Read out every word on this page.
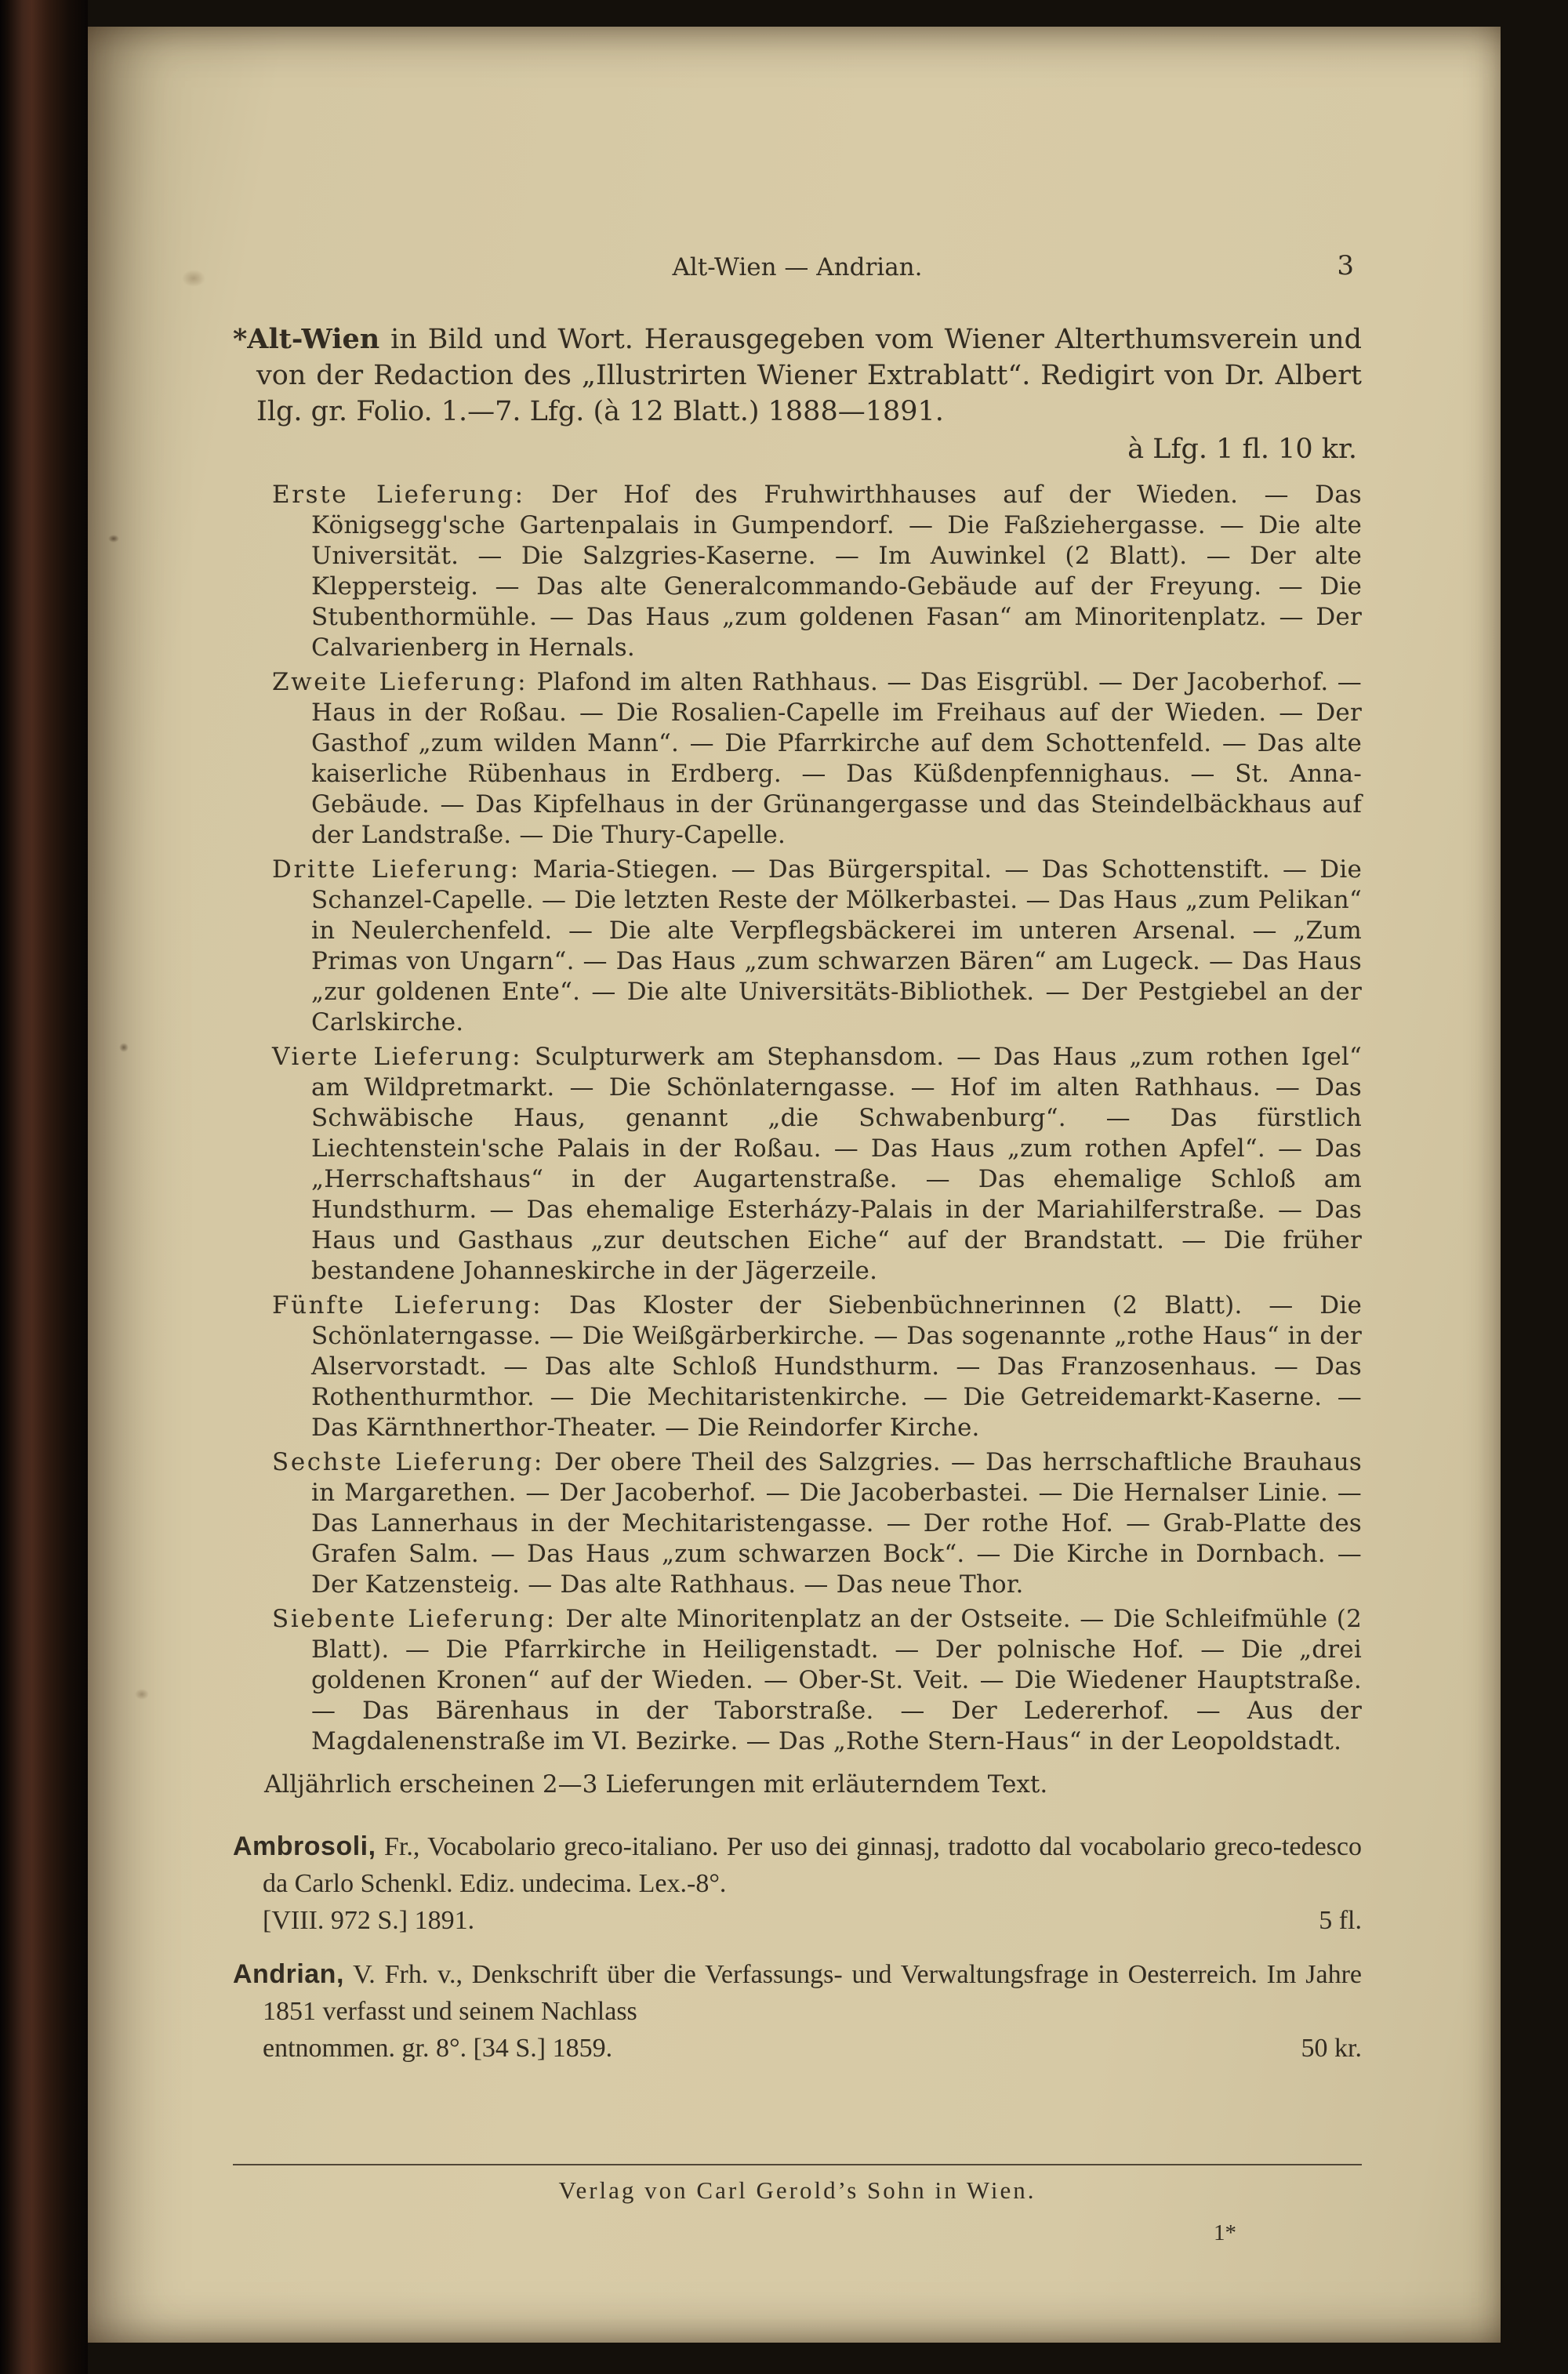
Alt-Wien — Andrian.	3

*Alt-Wien in Bild und Wort. Herausgegeben vom Wiener Alterthumsverein und von der Redaction des „Illustrirten Wiener Extrablatt“. Redigirt von Dr. Albert Ilg. gr. Folio. 1.—7. Lfg. (à 12 Blatt.) 1888—1891.

à Lfg. 1 fl. 10 kr.

Erste Lieferung: Der Hof des Fruhwirthhauses auf der Wieden. — Das Königsegg'sche Gartenpalais in Gumpendorf. — Die Faßziehergasse. — Die alte Universität. — Die Salzgries-Kaserne. — Im Auwinkel (2 Blatt). — Der alte Kleppersteig. — Das alte Generalcommando-Gebäude auf der Freyung. — Die Stubenthormühle. — Das Haus „zum goldenen Fasan“ am Minoritenplatz. — Der Calvarienberg in Hernals.

Zweite Lieferung: Plafond im alten Rathhaus. — Das Eisgrübl. — Der Jacoberhof. — Haus in der Roßau. — Die Rosalien-Capelle im Freihaus auf der Wieden. — Der Gasthof „zum wilden Mann“. — Die Pfarrkirche auf dem Schottenfeld. — Das alte kaiserliche Rübenhaus in Erdberg. — Das Küßdenpfennighaus. — St. Anna-Gebäude. — Das Kipfelhaus in der Grünangergasse und das Steindelbäckhaus auf der Landstraße. — Die Thury-Capelle.

Dritte Lieferung: Maria-Stiegen. — Das Bürgerspital. — Das Schottenstift. — Die Schanzel-Capelle. — Die letzten Reste der Mölkerbastei. — Das Haus „zum Pelikan“ in Neulerchenfeld. — Die alte Verpflegsbäckerei im unteren Arsenal. — „Zum Primas von Ungarn“. — Das Haus „zum schwarzen Bären“ am Lugeck. — Das Haus „zur goldenen Ente“. — Die alte Universitäts-Bibliothek. — Der Pestgiebel an der Carlskirche.

Vierte Lieferung: Sculpturwerk am Stephansdom. — Das Haus „zum rothen Igel“ am Wildpretmarkt. — Die Schönlaterngasse. — Hof im alten Rathhaus. — Das Schwäbische Haus, genannt „die Schwabenburg“. — Das fürstlich Liechtenstein'sche Palais in der Roßau. — Das Haus „zum rothen Apfel“. — Das „Herrschaftshaus“ in der Augartenstraße. — Das ehemalige Schloß am Hundsthurm. — Das ehemalige Esterházy-Palais in der Mariahilferstraße. — Das Haus und Gasthaus „zur deutschen Eiche“ auf der Brandstatt. — Die früher bestandene Johanneskirche in der Jägerzeile.

Fünfte Lieferung: Das Kloster der Siebenbüchnerinnen (2 Blatt). — Die Schönlaterngasse. — Die Weißgärberkirche. — Das sogenannte „rothe Haus“ in der Alservorstadt. — Das alte Schloß Hundsthurm. — Das Franzosenhaus. — Das Rothenthurmthor. — Die Mechitaristenkirche. — Die Getreidemarkt-Kaserne. — Das Kärnthnerthor-Theater. — Die Reindorfer Kirche.

Sechste Lieferung: Der obere Theil des Salzgries. — Das herrschaftliche Brauhaus in Margarethen. — Der Jacoberhof. — Die Jacoberbastei. — Die Hernalser Linie. — Das Lannerhaus in der Mechitaristengasse. — Der rothe Hof. — Grab-Platte des Grafen Salm. — Das Haus „zum schwarzen Bock“. — Die Kirche in Dornbach. — Der Katzensteig. — Das alte Rathhaus. — Das neue Thor.

Siebente Lieferung: Der alte Minoritenplatz an der Ostseite. — Die Schleifmühle (2 Blatt). — Die Pfarrkirche in Heiligenstadt. — Der polnische Hof. — Die „drei goldenen Kronen“ auf der Wieden. — Ober-St. Veit. — Die Wiedener Hauptstraße. — Das Bärenhaus in der Taborstraße. — Der Ledererhof. — Aus der Magdalenenstraße im VI. Bezirke. — Das „Rothe Stern-Haus“ in der Leopoldstadt.

Alljährlich erscheinen 2—3 Lieferungen mit erläuterndem Text.

Ambrosoli, Fr., Vocabolario greco-italiano. Per uso dei ginnasj, tradotto dal vocabolario greco-tedesco da Carlo Schenkl. Ediz. undecima. Lex.-8°.

[VIII. 972 S.] 1891.	5 fl.

Andrian, V. Frh. v., Denkschrift über die Verfassungs- und Verwaltungsfrage in Oesterreich. Im Jahre 1851 verfasst und seinem Nachlass

entnommen. gr. 8°. [34 S.] 1859.	50 kr.
Verlag von Carl Gerold’s Sohn in Wien.
1*
